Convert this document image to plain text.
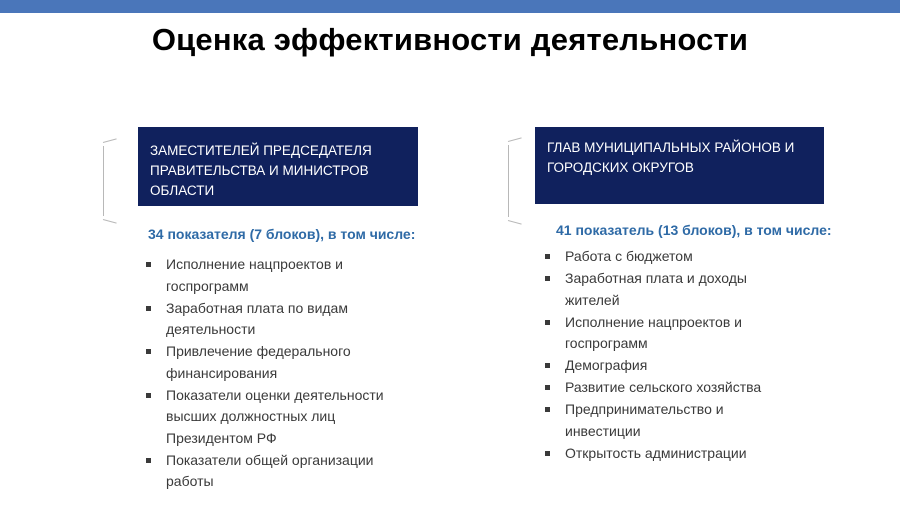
Оценка эффективности деятельности
ЗАМЕСТИТЕЛЕЙ ПРЕДСЕДАТЕЛЯ
ПРАВИТЕЛЬСТВА И МИНИСТРОВ
ОБЛАСТИ
ГЛАВ МУНИЦИПАЛЬНЫХ РАЙОНОВ И
ГОРОДСКИХ ОКРУГОВ
34 показателя (7 блоков), в том числе:	41 показатель (13 блоков), в том числе:
Исполнение нацпроектов и госпрограмм
Заработная плата по видам деятельности
Привлечение федерального финансирования
Показатели оценки деятельности высших должностных лиц Президентом РФ
Показатели общей организации работы
Работа с бюджетом
Заработная плата и доходы жителей
Исполнение нацпроектов и госпрограмм
Демография
Развитие сельского хозяйства
Предпринимательство и инвестиции
Открытость администрации
